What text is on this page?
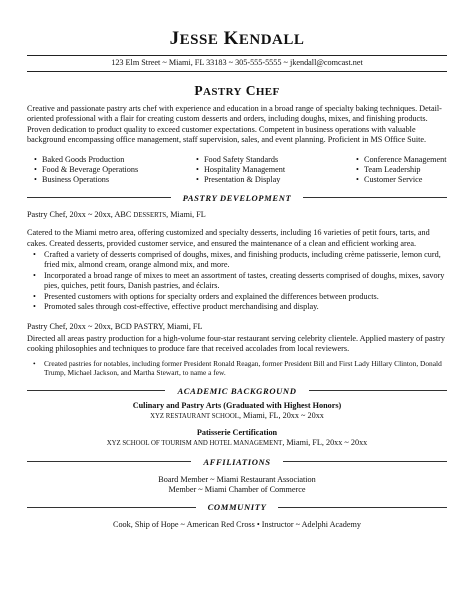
JESSE KENDALL
123 Elm Street ~ Miami, FL 33183 ~ 305-555-5555 ~ jkendall@comcast.net
PASTRY CHEF

Creative and passionate pastry arts chef with experience and education in a broad range of specialty baking techniques. Detail-oriented professional with a flair for creating custom desserts and orders, including doughs, mixes, and finishing products. Proven dedication to product quality to exceed customer expectations. Competent in business operations with valuable background encompassing office management, staff supervision, sales, and event planning. Proficient in MS Office Suite.

• Baked Goods Production
• Food & Beverage Operations
• Business Operations
• Food Safety Standards
• Hospitality Management
• Presentation & Display
• Conference Management
• Team Leadership
• Customer Service
PASTRY DEVELOPMENT
Pastry Chef, 20xx ~ 20xx, ABC DESSERTS, Miami, FL

Catered to the Miami metro area, offering customized and specialty desserts, including 16 varieties of petit fours, tarts, and cakes. Created desserts, provided customer service, and ensured the maintenance of a clean and efficient working area.

• Crafted a variety of desserts comprised of doughs, mixes, and finishing products, including crème patisserie, lemon curd, fried mix, almond cream, orange almond mix, and more.
• Incorporated a broad range of mixes to meet an assortment of tastes, creating desserts comprised of doughs, mixes, savory pies, quiches, petit fours, Danish pastries, and éclairs.
• Presented customers with options for specialty orders and explained the differences between products.
• Promoted sales through cost-effective, effective product merchandising and display.
Pastry Chef, 20xx ~ 20xx, BCD PASTRY, Miami, FL

Directed all areas pastry production for a high-volume four-star restaurant serving celebrity clientele. Applied mastery of pastry cooking philosophies and techniques to produce fare that received accolades from local reviewers.

• Created pastries for notables, including former President Ronald Reagan, former President Bill and First Lady Hillary Clinton, Donald Trump, Michael Jackson, and Martha Stewart, to name a few.
ACADEMIC BACKGROUND
Culinary and Pastry Arts (Graduated with Highest Honors)
XYZ RESTAURANT SCHOOL, Miami, FL, 20xx ~ 20xx
Patisserie Certification
XYZ SCHOOL OF TOURISM AND HOTEL MANAGEMENT, Miami, FL, 20xx ~ 20xx
AFFILIATIONS
Board Member ~ Miami Restaurant Association
Member ~ Miami Chamber of Commerce
COMMUNITY
Cook, Ship of Hope ~ American Red Cross • Instructor ~ Adelphi Academy
